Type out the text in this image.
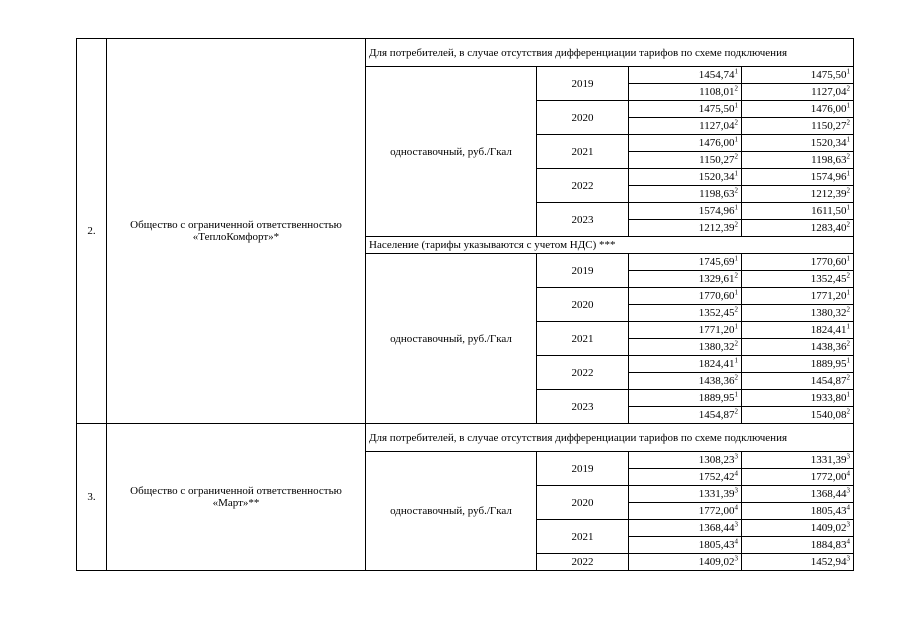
2.	Общество с ограниченной ответственностью «ТеплоКомфорт»*	Для потребителей, в случае отсутствия дифференциации тарифов по схеме подключения			
		одноставочный, руб./Гкал	2019	1454,74$^1$	1475,50$^1$
				1108,01$^2$	1127,04$^2$
			2020	1475,50$^1$	1476,00$^1$
				1127,04$^2$	1150,27$^2$
			2021	1476,00$^1$	1520,34$^1$
				1150,27$^2$	1198,63$^2$
			2022	1520,34$^1$	1574,96$^1$
				1198,63$^2$	1212,39$^2$
			2023	1574,96$^1$	1611,50$^1$
				1212,39$^2$	1283,40$^2$
		Население (тарифы указываются с учетом НДС) ***			
		одноставочный, руб./Гкал	2019	1745,69$^1$	1770,60$^1$
				1329,61$^2$	1352,45$^2$
			2020	1770,60$^1$	1771,20$^1$
				1352,45$^2$	1380,32$^2$
			2021	1771,20$^1$	1824,41$^1$
				1380,32$^2$	1438,36$^2$
			2022	1824,41$^1$	1889,95$^1$
				1438,36$^2$	1454,87$^2$
			2023	1889,95$^1$	1933,80$^1$
				1454,87$^2$	1540,08$^2$
3.	Общество с ограниченной ответственностью «Март»**	Для потребителей, в случае отсутствия дифференциации тарифов по схеме подключения			
		одноставочный, руб./Гкал	2019	1308,23$^3$	1331,39$^3$
				1752,42$^4$	1772,00$^4$
			2020	1331,39$^3$	1368,44$^3$
				1772,00$^4$	1805,43$^4$
			2021	1368,44$^3$	1409,02$^3$
				1805,43$^4$	1884,83$^4$
			2022	1409,02$^3$	1452,94$^3$
